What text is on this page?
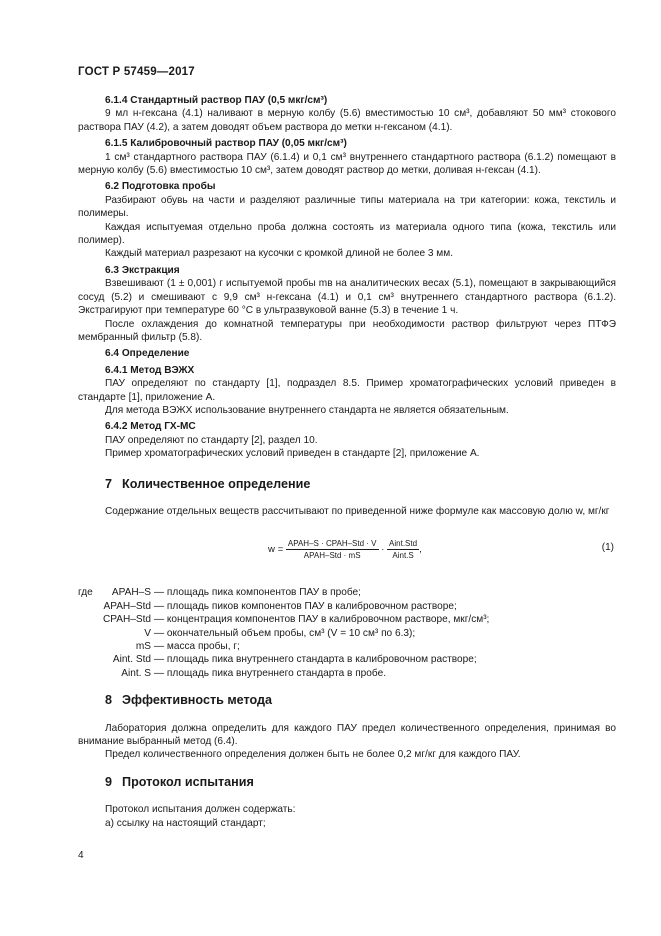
ГОСТ Р 57459—2017

6.1.4 Стандартный раствор ПАУ (0,5 мкг/см³)

9 мл н-гексана (4.1) наливают в мерную колбу (5.6) вместимостью 10 см³, добавляют 50 мм³ стокового раствора ПАУ (4.2), а затем доводят объем раствора до метки н-гексаном (4.1).

6.1.5 Калибровочный раствор ПАУ (0,05 мкг/см³)

1 см³ стандартного раствора ПАУ (6.1.4) и 0,1 см³ внутреннего стандартного раствора (6.1.2) помещают в мерную колбу (5.6) вместимостью 10 см³, затем доводят раствор до метки, доливая н-гексан (4.1).

6.2 Подготовка пробы

Разбирают обувь на части и разделяют различные типы материала на три категории: кожа, текстиль и полимеры.

Каждая испытуемая отдельно проба должна состоять из материала одного типа (кожа, текстиль или полимер).

Каждый материал разрезают на кусочки с кромкой длиной не более 3 мм.

6.3 Экстракция

Взвешивают (1 ± 0,001) г испытуемой пробы mв на аналитических весах (5.1), помещают в закрывающийся сосуд (5.2) и смешивают с 9,9 см³ н-гексана (4.1) и 0,1 см³ внутреннего стандартного раствора (6.1.2). Экстрагируют при температуре 60 °С в ультразвуковой ванне (5.3) в течение 1 ч.

После охлаждения до комнатной температуры при необходимости раствор фильтруют через ПТФЭ мембранный фильтр (5.8).

6.4 Определение

6.4.1 Метод ВЭЖХ

ПАУ определяют по стандарту [1], подраздел 8.5. Пример хроматографических условий приведен в стандарте [1], приложение А.

Для метода ВЭЖХ использование внутреннего стандарта не является обязательным.

6.4.2 Метод ГХ-МС

ПАУ определяют по стандарту [2], раздел 10.

Пример хроматографических условий приведен в стандарте [2], приложение А.

7 Количественное определение

Содержание отдельных веществ рассчитывают по приведенной ниже формуле как массовую долю w, мг/кг

$w = \frac{\text{APAH–S · CPAH–Std · V}}{\text{APAH–Std · mS}} \cdot \frac{\text{Aint.Std}}{\text{Aint.S}}$ ,	(1)
где	APAH–S — площадь пика компонентов ПАУ в пробе;
APAH–Std — площадь пиков компонентов ПАУ в калибровочном растворе;
CPAH–Std — концентрация компонентов ПАУ в калибровочном растворе, мкг/см³;
V — окончательный объем пробы, см³ (V = 10 см³ по 6.3);
mS — масса пробы, г;
Aint. Std — площадь пика внутреннего стандарта в калибровочном растворе;
Aint. S — площадь пика внутреннего стандарта в пробе.

8 Эффективность метода

Лаборатория должна определить для каждого ПАУ предел количественного определения, принимая во внимание выбранный метод (6.4).

Предел количественного определения должен быть не более 0,2 мг/кг для каждого ПАУ.

9 Протокол испытания

Протокол испытания должен содержать:

а) ссылку на настоящий стандарт;

4
